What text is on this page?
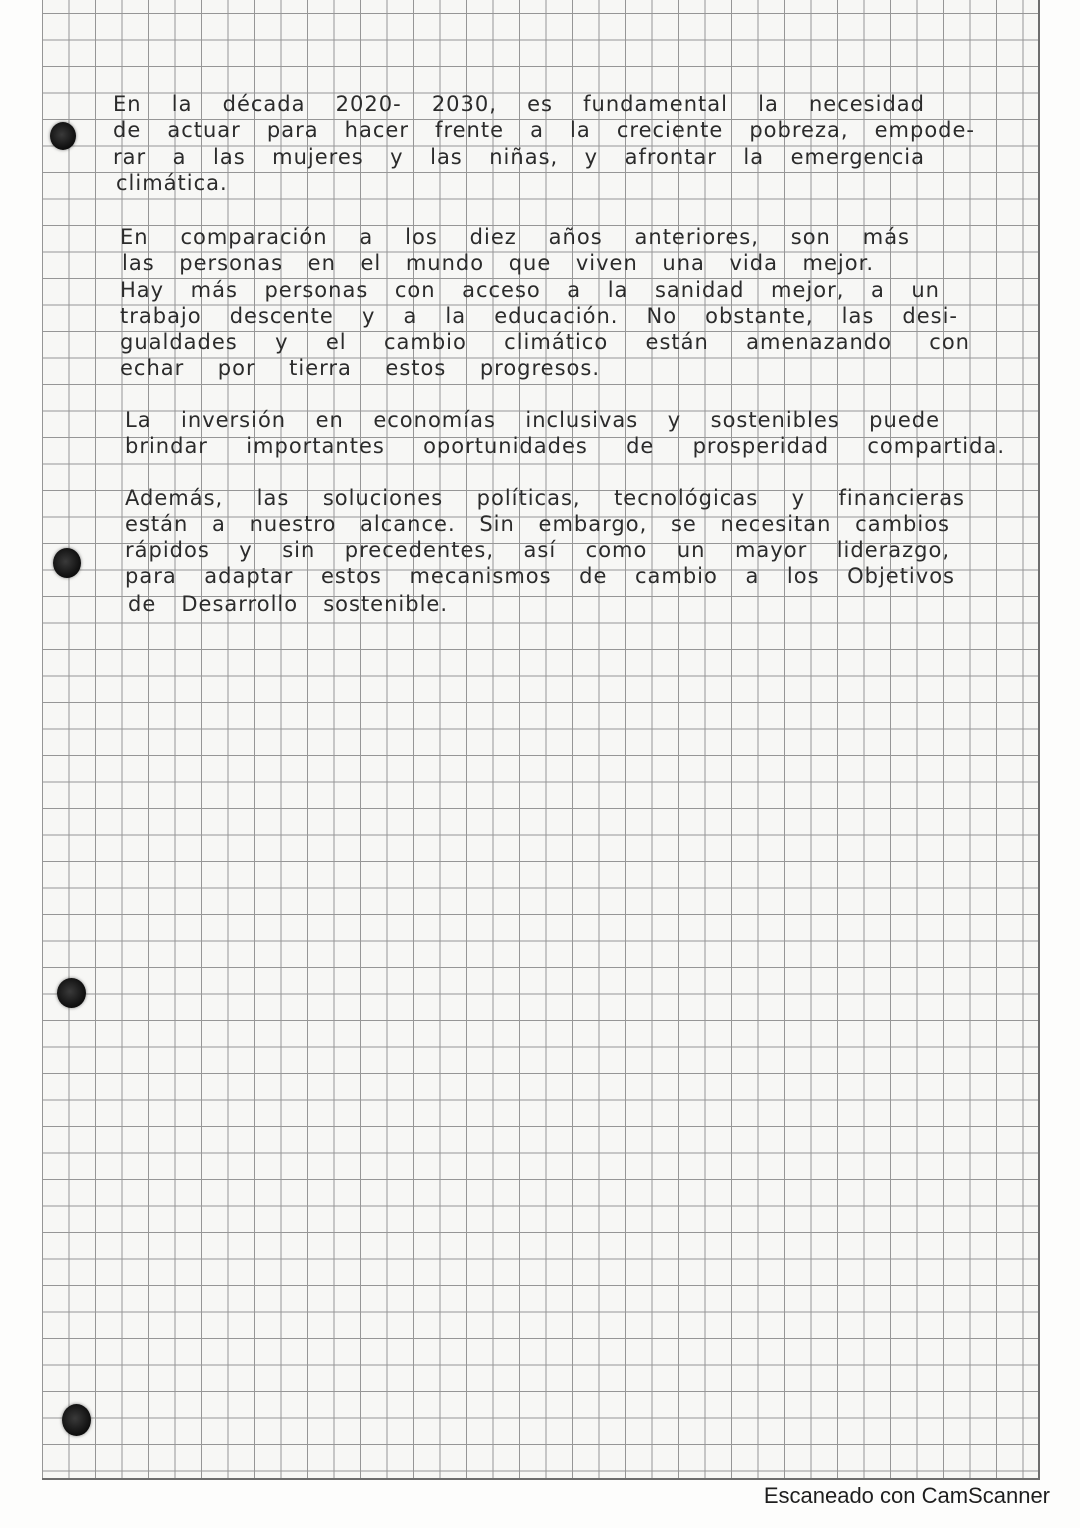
En la década 2020- 2030, es fundamental la necesidad
de actuar para hacer frente a la creciente pobreza, empode-
rar a las mujeres y las niñas, y afrontar la emergencia
climática.
En comparación a los diez años anteriores, son más
las personas en el mundo que viven una vida mejor.
Hay más personas con acceso a la sanidad mejor, a un
trabajo descente y a la educación. No obstante, las desi-
gualdades y el cambio climático están amenazando con
echar por tierra estos progresos.
La inversión en economías inclusivas y sostenibles puede
brindar importantes oportunidades de prosperidad compartida.
Además, las soluciones políticas, tecnológicas y financieras
están a nuestro alcance. Sin embargo, se necesitan cambios
rápidos y sin precedentes, así como un mayor liderazgo,
para adaptar estos mecanismos de cambio a los Objetivos
de Desarrollo sostenible.
Escaneado con CamScanner
